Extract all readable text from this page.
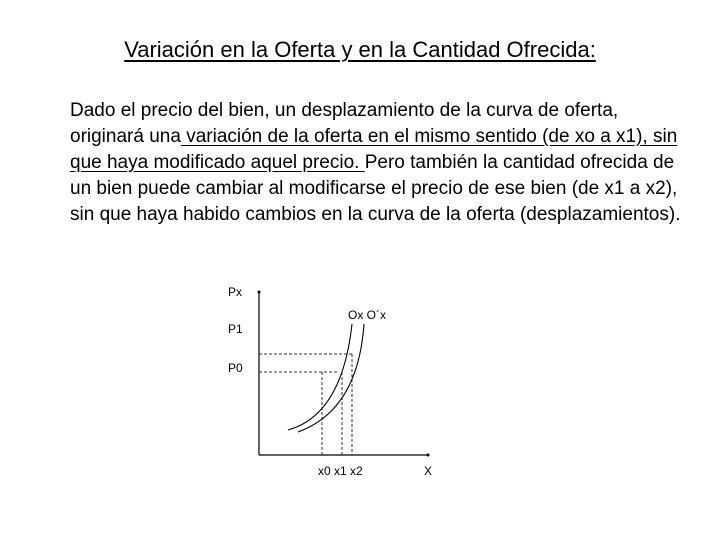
Variación en la Oferta y en la Cantidad Ofrecida:
Dado el precio del bien, un desplazamiento de la curva de oferta, originará una variación de la oferta en el mismo sentido (de xo a x1), sin que haya modificado aquel precio. Pero también la cantidad ofrecida de un bien puede cambiar al modificarse el precio de ese bien (de x1 a x2), sin que haya habido cambios en la curva de la oferta (desplazamientos).
Px
P1
P0
Ox O´x
x0 x1 x2	X
